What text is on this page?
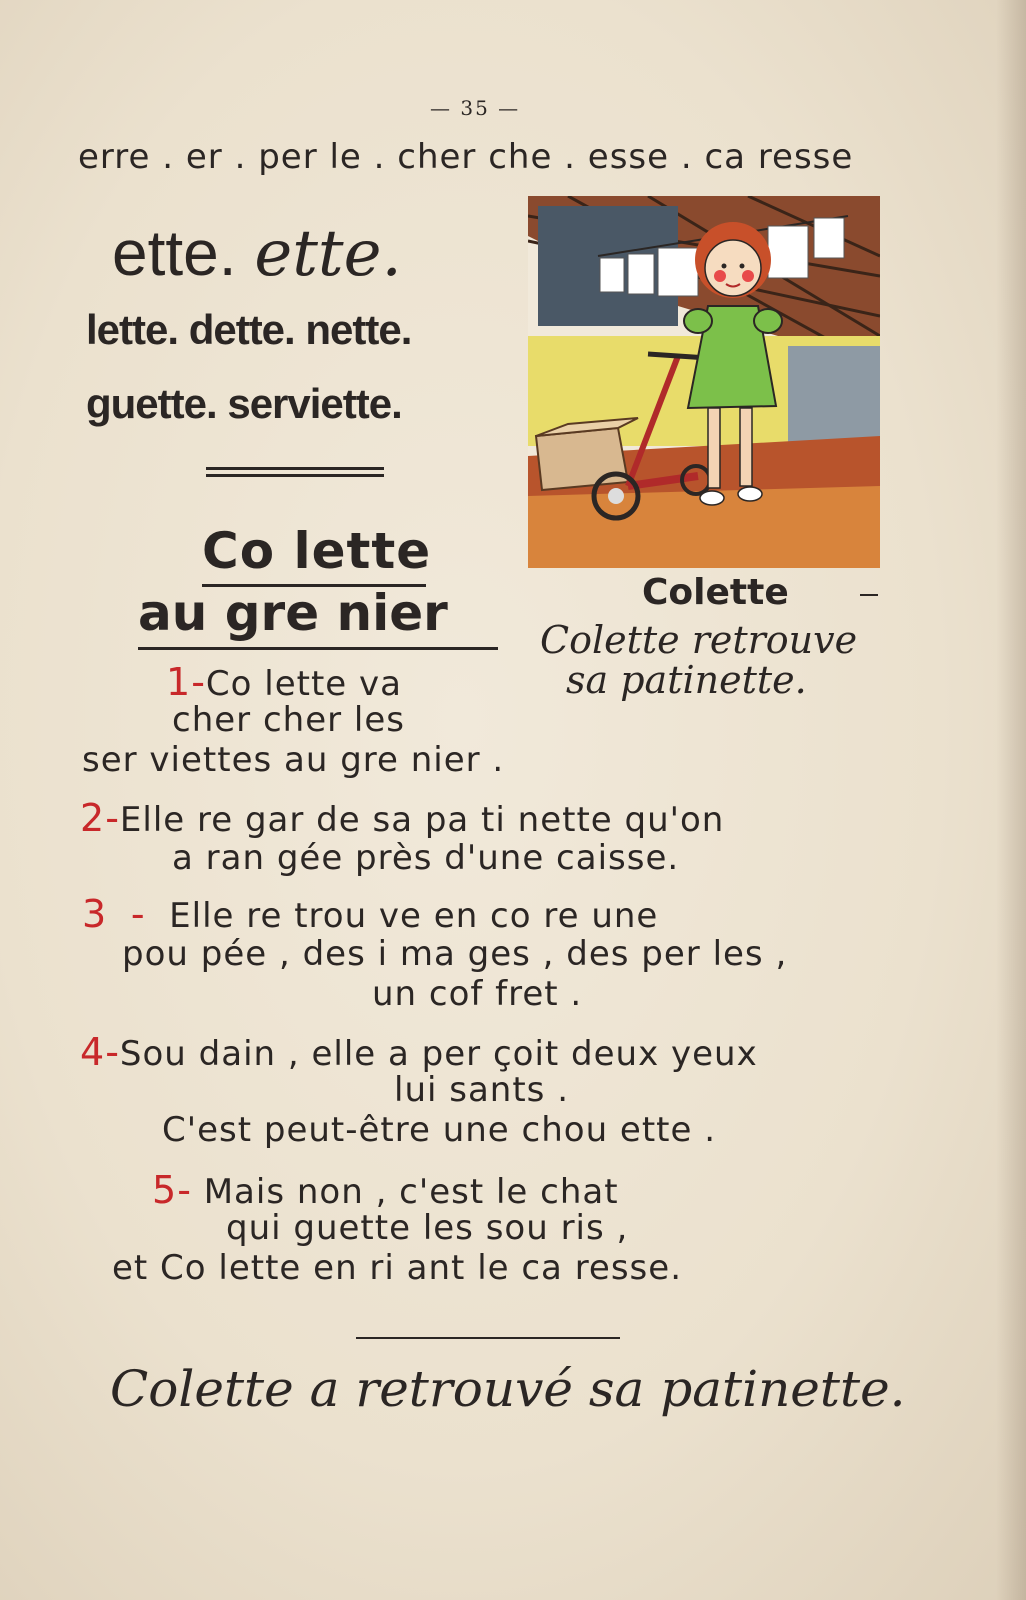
— 35 —
erre . er . per le . cher che . esse . ca resse
ette. ette.
lette. dette. nette.
guette. serviette.
Co lette
au gre nier	Colette
Colette retrouve
sa patinette.
1-Co lette va
cher cher les
ser viettes au gre nier .
2-Elle re gar de sa pa ti nette qu'on
a ran gée près d'une caisse.
3 - Elle re trou ve en co re une
pou pée , des i ma ges , des per les ,
un cof fret .
4-Sou dain , elle a per çoit deux yeux
lui sants .
C'est peut-être une chou ette .
5- Mais non , c'est le chat
qui guette les sou ris ,
et Co lette en ri ant le ca resse.
Colette a retrouvé sa patinette.
